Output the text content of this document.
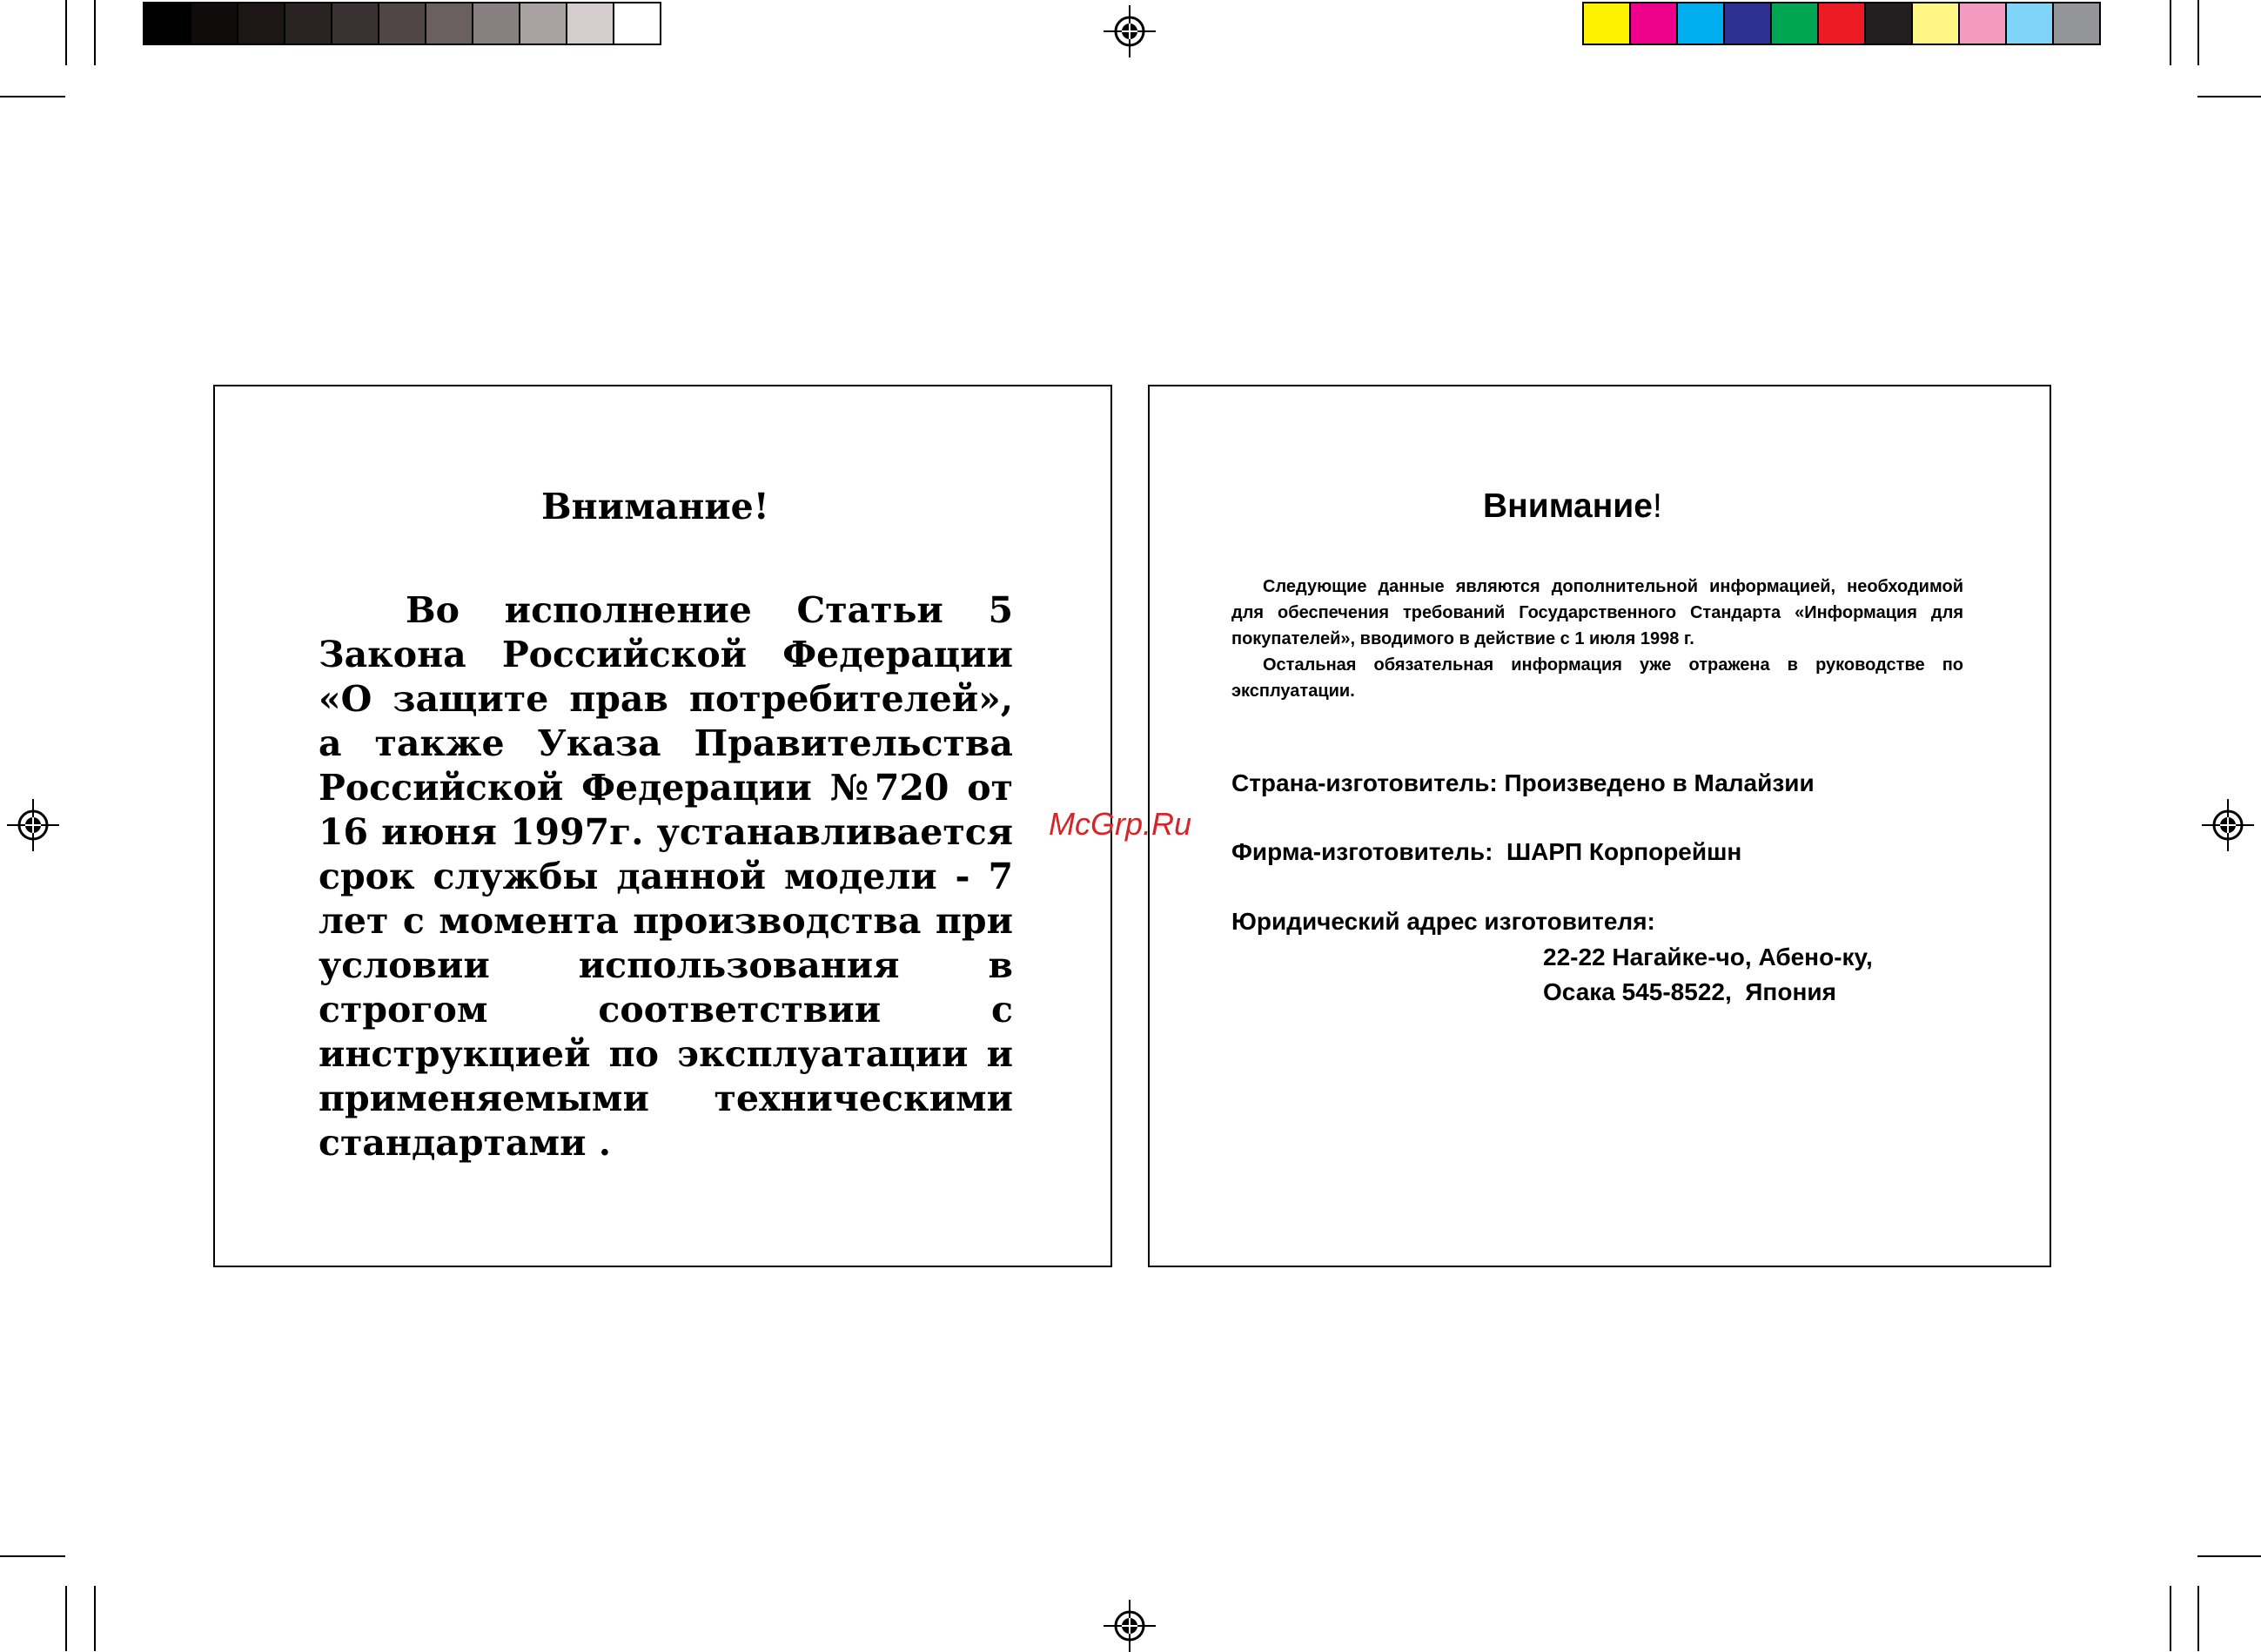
Внимание!

Во исполнение Статьи 5 Закона Российской Федерации «О защите прав потребителей», а также Указа Правительства Российской Федерации №720 от 16 июня 1997г. устанавливается срок службы данной модели - 7 лет с момента производства при условии использования в строгом соответствии с инструкцией по эксплуатации и применяемыми техническими стандартами .

Внимание!

Следующие данные являются дополнительной информацией, необходимой для обеспечения требований Государственного Стандарта «Информация для покупателей», вводимого в действие с 1 июля 1998 г.

Остальная обязательная информация уже отражена в руководстве по эксплуатации.

Страна-изготовитель: Произведено в Малайзии
Фирма-изготовитель:  ШАРП Корпорейшн
Юридический адрес изготовителя:
22-22 Нагайке-чо, Абено-ку,
Осака 545-8522,  Япония
McGrp.Ru
